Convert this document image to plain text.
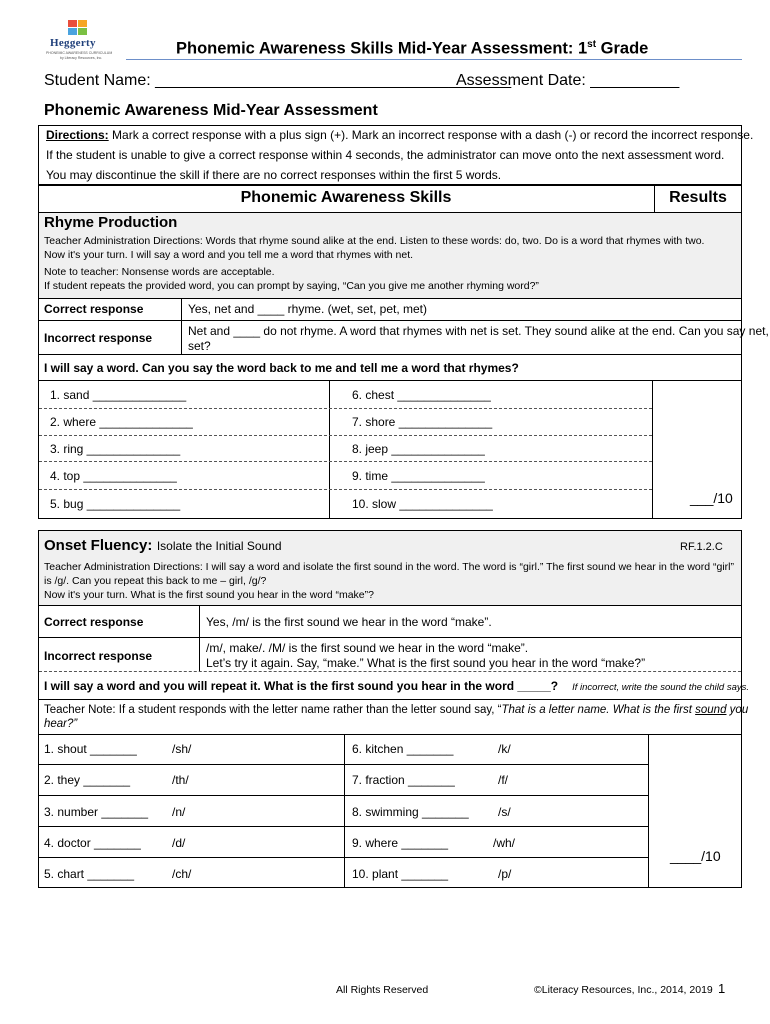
Heggerty
PHONEMIC AWARENESS CURRICULUM
by Literacy Resources, Inc.
Phonemic Awareness Skills Mid-Year Assessment: 1st Grade
Student Name: ________________________________________
Assessment Date: __________
Phonemic Awareness Mid-Year Assessment
Directions: Mark a correct response with a plus sign (+). Mark an incorrect response with a dash (-) or record the incorrect response.
If the student is unable to give a correct response within 4 seconds, the administrator can move onto the next assessment word.
You may discontinue the skill if there are no correct responses within the first 5 words.
Phonemic Awareness Skills	Results
Rhyme Production
Teacher Administration Directions: Words that rhyme sound alike at the end. Listen to these words: do, two. Do is a word that rhymes with two.
Now it's your turn. I will say a word and you tell me a word that rhymes with net.
Note to teacher: Nonsense words are acceptable.
If student repeats the provided word, you can prompt by saying, “Can you give me another rhyming word?”
Correct response	Yes, net and ____ rhyme. (wet, set, pet, met)
Incorrect response	Net and ____ do not rhyme. A word that rhymes with net is set. They sound alike at the end. Can you say net,
set?
I will say a word. Can you say the word back to me and tell me a word that rhymes?
1. sand ______________
2. where ______________
3. ring ______________
4. top ______________
5. bug ______________
6. chest ______________
7. shore ______________
8. jeep ______________
9. time ______________
10. slow ______________	___/10
Onset Fluency: Isolate the Initial Sound	RF.1.2.C
Teacher Administration Directions: I will say a word and isolate the first sound in the word. The word is “girl.” The first sound we hear in the word “girl”
is /g/. Can you repeat this back to me – girl, /g/?
Now it's your turn. What is the first sound you hear in the word “make”?
Correct response	Yes, /m/ is the first sound we hear in the word “make”.
Incorrect response
/m/, make/. /M/ is the first sound we hear in the word “make”.
Let’s try it again. Say, “make.” What is the first sound you hear in the word “make?”
I will say a word and you will repeat it. What is the first sound you hear in the word _____? If incorrect, write the sound the child says.
Teacher Note: If a student responds with the letter name rather than the letter sound say, “That is a letter name. What is the first sound you
hear?”
1. shout _______	/sh/
2. they _______	/th/
3. number _______ /n/
4. doctor _______	/d/
5. chart _______	/ch/
6. kitchen _______	/k/
7. fraction _______	/f/
8. swimming _______ /s/
9. where _______	/wh/
10. plant _______	/p/
____/10
All Rights Reserved	©Literacy Resources, Inc., 2014, 2019 1
